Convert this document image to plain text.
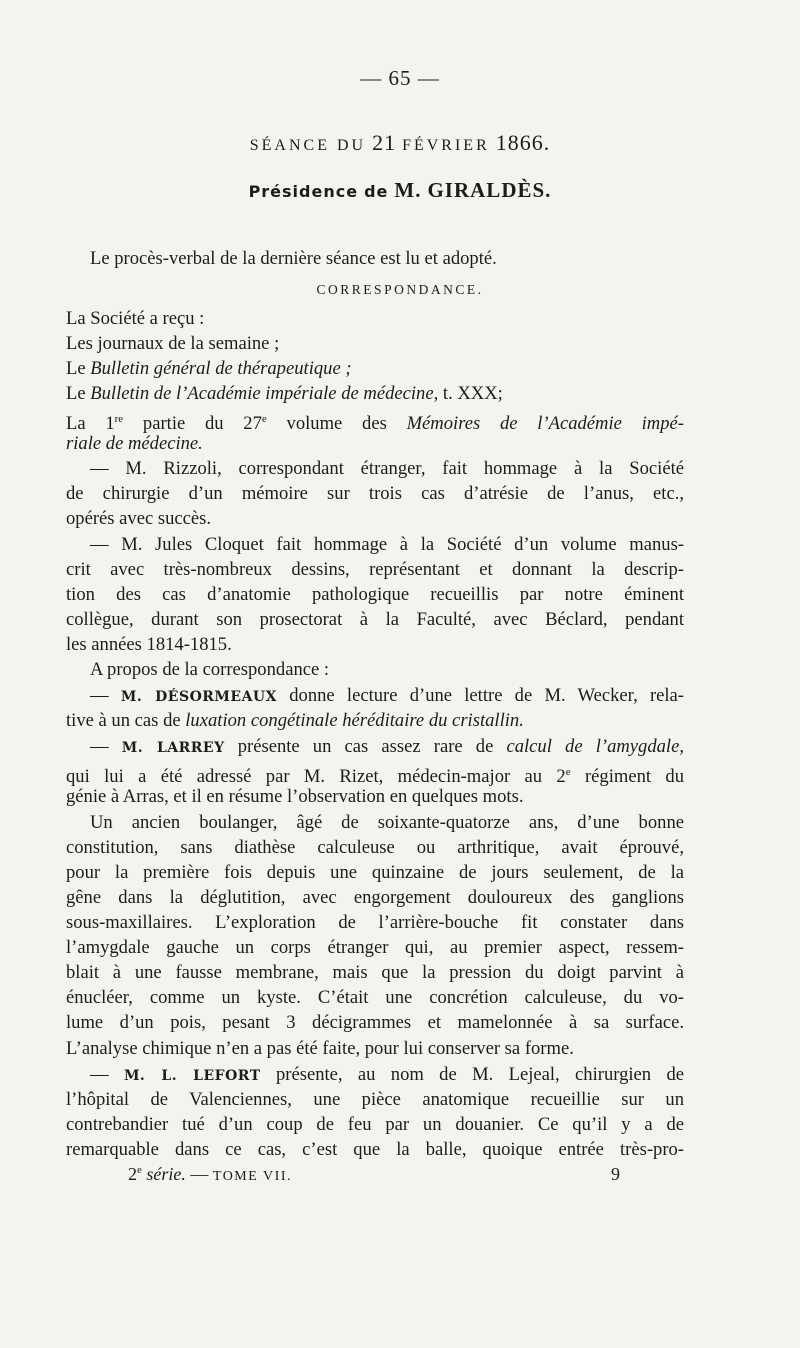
— 65 —
SÉANCE DU 21 FÉVRIER 1866.
Présidence de M. GIRALDÈS.
Le procès-verbal de la dernière séance est lu et adopté.
CORRESPONDANCE.
La Société a reçu :
Les journaux de la semaine ;
Le Bulletin général de thérapeutique ;
Le Bulletin de l’Académie impériale de médecine, t. XXX;
La 1re partie du 27e volume des Mémoires de l’Académie impé-
riale de médecine.
— M. Rizzoli, correspondant étranger, fait hommage à la Société
de chirurgie d’un mémoire sur trois cas d’atrésie de l’anus, etc.,
opérés avec succès.
— M. Jules Cloquet fait hommage à la Société d’un volume manus-
crit avec très-nombreux dessins, représentant et donnant la descrip-
tion des cas d’anatomie pathologique recueillis par notre éminent
collègue, durant son prosectorat à la Faculté, avec Béclard, pendant
les années 1814-1815.
A propos de la correspondance :
— M. DÉSORMEAUX donne lecture d’une lettre de M. Wecker, rela-
tive à un cas de luxation congétinale héréditaire du cristallin.
— M. LARREY présente un cas assez rare de calcul de l’amygdale,
qui lui a été adressé par M. Rizet, médecin-major au 2e régiment du
génie à Arras, et il en résume l’observation en quelques mots.
Un ancien boulanger, âgé de soixante-quatorze ans, d’une bonne
constitution, sans diathèse calculeuse ou arthritique, avait éprouvé,
pour la première fois depuis une quinzaine de jours seulement, de la
gêne dans la déglutition, avec engorgement douloureux des ganglions
sous-maxillaires. L’exploration de l’arrière-bouche fit constater dans
l’amygdale gauche un corps étranger qui, au premier aspect, ressem-
blait à une fausse membrane, mais que la pression du doigt parvint à
énucléer, comme un kyste. C’était une concrétion calculeuse, du vo-
lume d’un pois, pesant 3 décigrammes et mamelonnée à sa surface.
L’analyse chimique n’en a pas été faite, pour lui conserver sa forme.
— M. L. LEFORT présente, au nom de M. Lejeal, chirurgien de
l’hôpital de Valenciennes, une pièce anatomique recueillie sur un
contrebandier tué d’un coup de feu par un douanier. Ce qu’il y a de
remarquable dans ce cas, c’est que la balle, quoique entrée très-pro-
2e série. — TOME VII.	9
